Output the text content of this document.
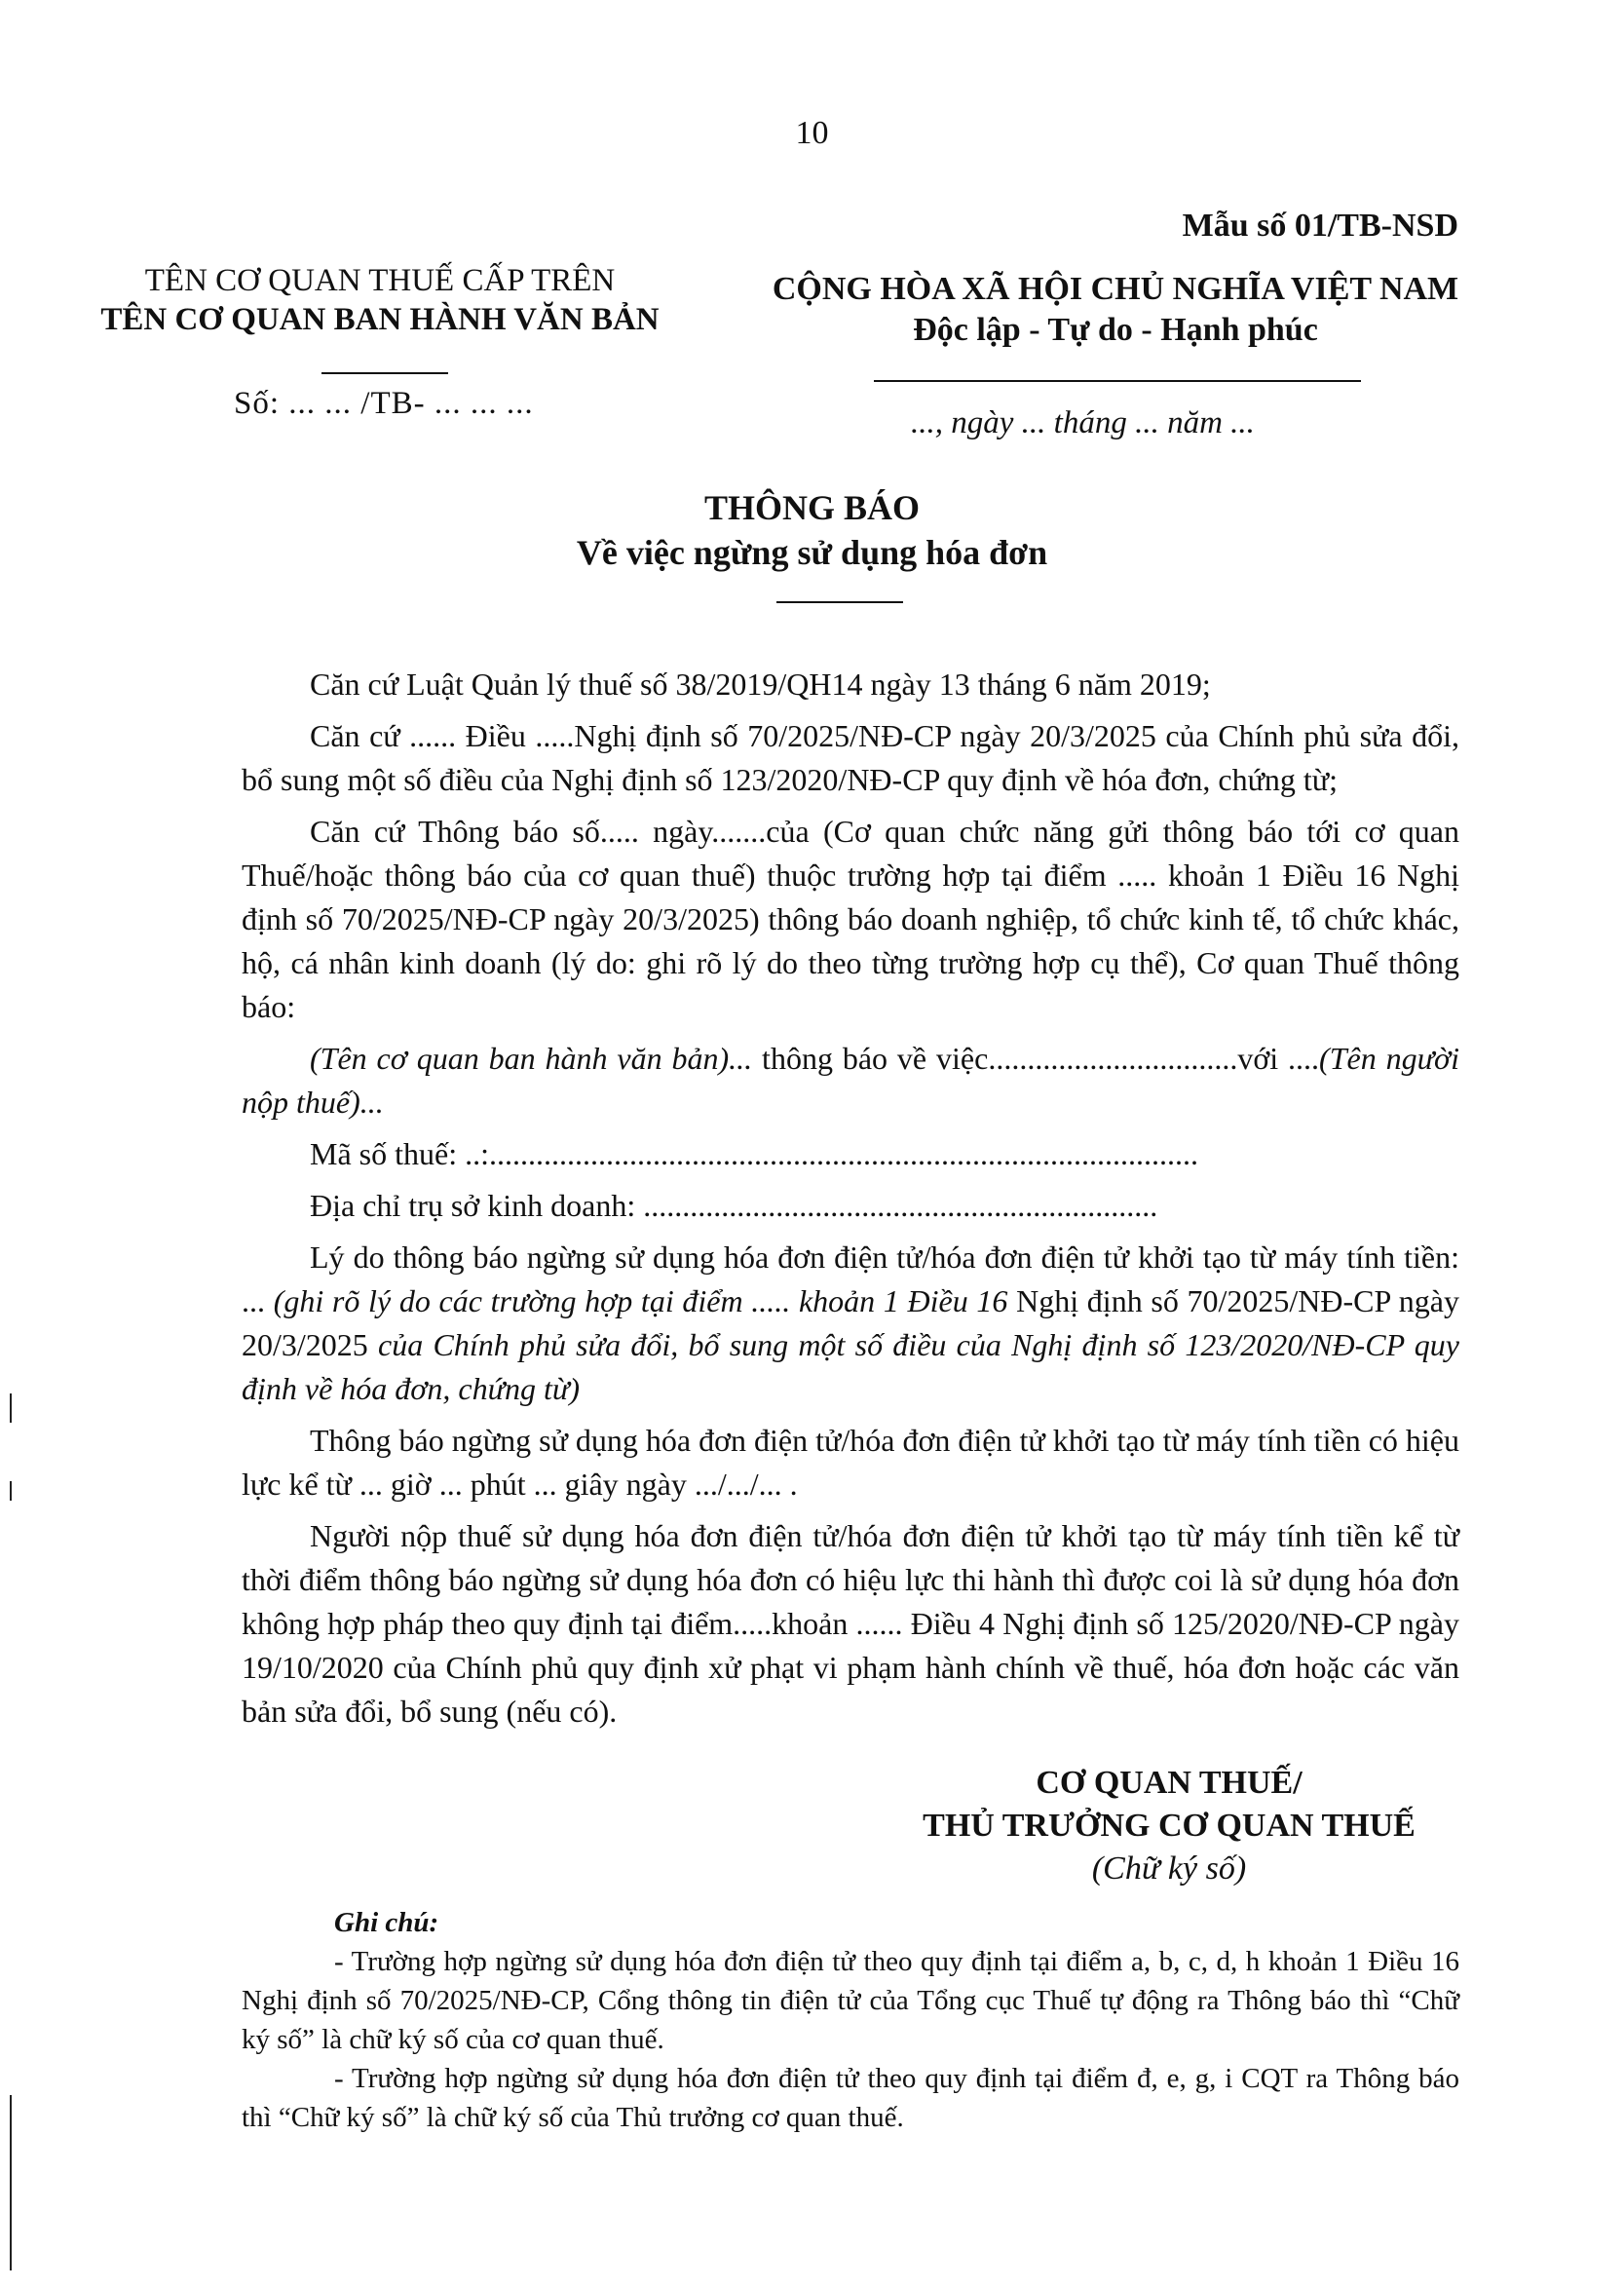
10
Mẫu số 01/TB-NSD
TÊN CƠ QUAN THUẾ CẤP TRÊN
TÊN CƠ QUAN BAN HÀNH VĂN BẢN
Số: ... ... /TB- ... ... ...
CỘNG HÒA XÃ HỘI CHỦ NGHĨA VIỆT NAM
Độc lập - Tự do - Hạnh phúc
..., ngày ... tháng ... năm ...
THÔNG BÁO
Về việc ngừng sử dụng hóa đơn

Căn cứ Luật Quản lý thuế số 38/2019/QH14 ngày 13 tháng 6 năm 2019;

Căn cứ ...... Điều .....Nghị định số 70/2025/NĐ-CP ngày 20/3/2025 của Chính phủ sửa đổi, bổ sung một số điều của Nghị định số 123/2020/NĐ-CP quy định về hóa đơn, chứng từ;

Căn cứ Thông báo số..... ngày.......của (Cơ quan chức năng gửi thông báo tới cơ quan Thuế/hoặc thông báo của cơ quan thuế) thuộc trường hợp tại điểm ..... khoản 1 Điều 16 Nghị định số 70/2025/NĐ-CP ngày 20/3/2025) thông báo doanh nghiệp, tổ chức kinh tế, tổ chức khác, hộ, cá nhân kinh doanh (lý do: ghi rõ lý do theo từng trường hợp cụ thể), Cơ quan Thuế thông báo:

(Tên cơ quan ban hành văn bản)... thông báo về việc................................với ....(Tên người nộp thuế)...

Mã số thuế: ..:...........................................................................................

Địa chỉ trụ sở kinh doanh: ..................................................................

Lý do thông báo ngừng sử dụng hóa đơn điện tử/hóa đơn điện tử khởi tạo từ máy tính tiền: ... (ghi rõ lý do các trường hợp tại điểm ..... khoản 1 Điều 16 Nghị định số 70/2025/NĐ-CP ngày 20/3/2025 của Chính phủ sửa đổi, bổ sung một số điều của Nghị định số 123/2020/NĐ-CP quy định về hóa đơn, chứng từ)

Thông báo ngừng sử dụng hóa đơn điện tử/hóa đơn điện tử khởi tạo từ máy tính tiền có hiệu lực kể từ ... giờ ... phút ... giây ngày .../.../... .

Người nộp thuế sử dụng hóa đơn điện tử/hóa đơn điện tử khởi tạo từ máy tính tiền kể từ thời điểm thông báo ngừng sử dụng hóa đơn có hiệu lực thi hành thì được coi là sử dụng hóa đơn không hợp pháp theo quy định tại điểm.....khoản ...... Điều 4 Nghị định số 125/2020/NĐ-CP ngày 19/10/2020 của Chính phủ quy định xử phạt vi phạm hành chính về thuế, hóa đơn hoặc các văn bản sửa đổi, bổ sung (nếu có).

CƠ QUAN THUẾ/
THỦ TRƯỞNG CƠ QUAN THUẾ
(Chữ ký số)

Ghi chú:

- Trường hợp ngừng sử dụng hóa đơn điện tử theo quy định tại điểm a, b, c, d, h khoản 1 Điều 16 Nghị định số 70/2025/NĐ-CP, Cổng thông tin điện tử của Tổng cục Thuế tự động ra Thông báo thì “Chữ ký số” là chữ ký số của cơ quan thuế.

- Trường hợp ngừng sử dụng hóa đơn điện tử theo quy định tại điểm đ, e, g, i CQT ra Thông báo thì “Chữ ký số” là chữ ký số của Thủ trưởng cơ quan thuế.
